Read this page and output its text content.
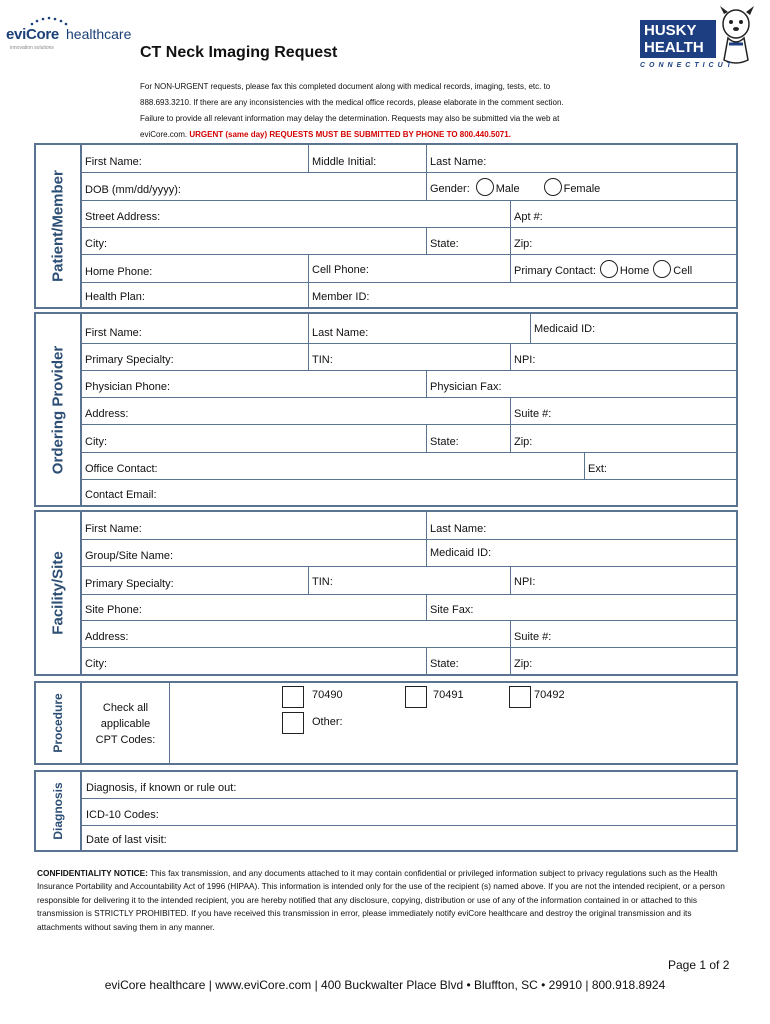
eviCore healthcare
innovation solutions
HUSKY
HEALTH
CONNECTICUT
CT Neck Imaging Request
For NON-URGENT requests, please fax this completed document along with medical records, imaging, tests, etc. to
888.693.3210. If there are any inconsistencies with the medical office records, please elaborate in the comment section.
Failure to provide all relevant information may delay the determination. Requests may also be submitted via the web at
eviCore.com. URGENT (same day) REQUESTS MUST BE SUBMITTED BY PHONE TO 800.440.5071.
Patient/Member
First Name:	Middle Initial:	Last Name:
DOB (mm/dd/yyyy):	Gender: Male	Female
Street Address:	Apt #:
City:	State:	Zip:
Home Phone:	Cell Phone:	Primary Contact: Home Cell
Health Plan:	Member ID:
Ordering Provider
First Name:	Last Name:	Medicaid ID:
Primary Specialty:	TIN:	NPI:
Physician Phone:	Physician Fax:
Address:	Suite #:
City:	State:	Zip:
Office Contact:	Ext:
Contact Email:
Facility/Site
First Name:	Last Name:
Group/Site Name:	Medicaid ID:
Primary Specialty:	TIN:	NPI:
Site Phone:	Site Fax:
Address:	Suite #:
City:	State:	Zip:
Procedure	Check all
applicable
CPT Codes:
70490	70491	70492
Other:
Diagnosis Diagnosis, if known or rule out:
ICD-10 Codes:
Date of last visit:
CONFIDENTIALITY NOTICE: This fax transmission, and any documents attached to it may contain confidential or privileged information subject to privacy regulations such as the Health Insurance Portability and Accountability Act of 1996 (HIPAA). This information is intended only for the use of the recipient (s) named above. If you are not the intended recipient, or a person responsible for delivering it to the intended recipient, you are hereby notified that any disclosure, copying, distribution or use of any of the information contained in or attached to this transmission is STRICTLY PROHIBITED. If you have received this transmission in error, please immediately notify eviCore healthcare and destroy the original transmission and its attachments without saving them in any manner.
Page 1 of 2
eviCore healthcare | www.eviCore.com | 400 Buckwalter Place Blvd • Bluffton, SC • 29910 | 800.918.8924
